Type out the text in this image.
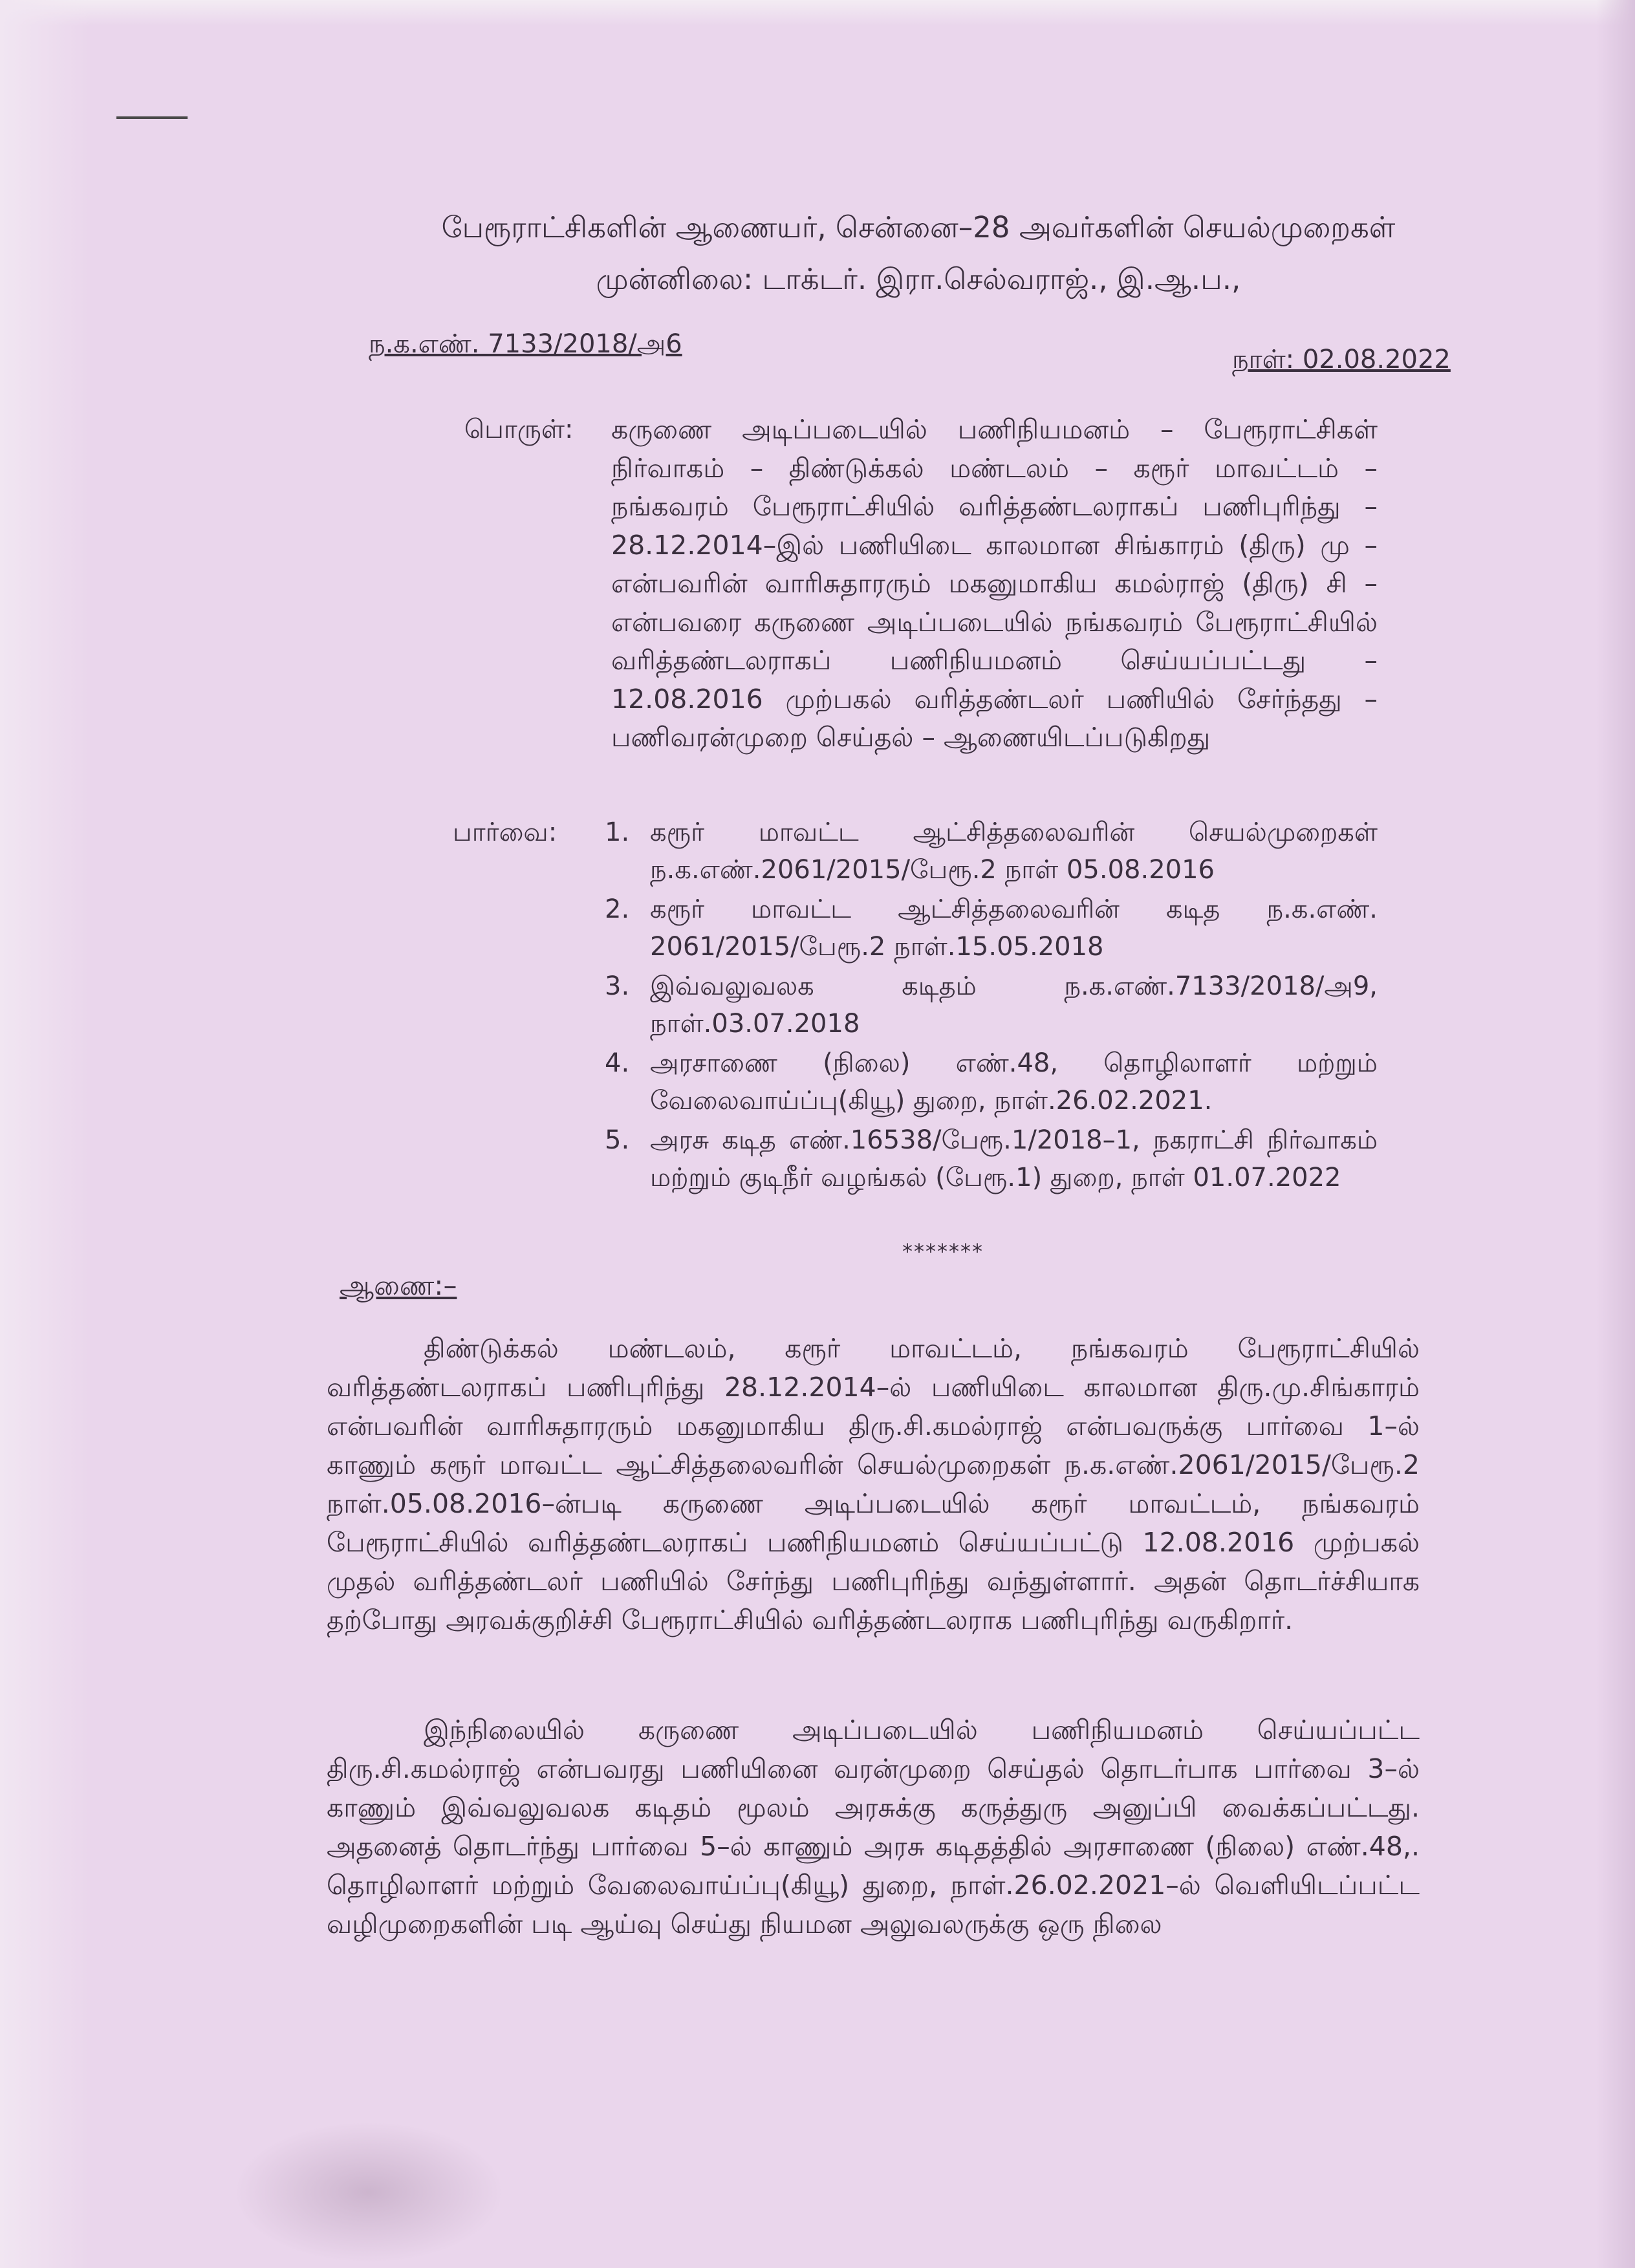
பேரூராட்சிகளின் ஆணையர், சென்னை–28 அவர்களின் செயல்முறைகள்
முன்னிலை: டாக்டர். இரா.செல்வராஜ்., இ.ஆ.ப.,
ந.க.எண். 7133/2018/அ6
நாள்: 02.08.2022
பொருள்: கருணை அடிப்படையில் பணிநியமனம் – பேரூராட்சிகள் நிர்வாகம் – திண்டுக்கல் மண்டலம் – கரூர் மாவட்டம் – நங்கவரம் பேரூராட்சியில் வரித்தண்டலராகப் பணிபுரிந்து – 28.12.2014–இல் பணியிடை காலமான சிங்காரம் (திரு) மு – என்பவரின் வாரிசுதாரரும் மகனுமாகிய கமல்ராஜ் (திரு) சி – என்பவரை கருணை அடிப்படையில் நங்கவரம் பேரூராட்சியில் வரித்தண்டலராகப் பணிநியமனம் செய்யப்பட்டது – 12.08.2016 முற்பகல் வரித்தண்டலர் பணியில் சேர்ந்தது – பணிவரன்முறை செய்தல் – ஆணையிடப்படுகிறது

பார்வை: 1. கரூர் மாவட்ட ஆட்சித்தலைவரின் செயல்முறைகள் ந.க.எண்.2061/2015/பேரூ.2 நாள் 05.08.2016
2. கரூர் மாவட்ட ஆட்சித்தலைவரின் கடித ந.க.எண். 2061/2015/பேரூ.2 நாள்.15.05.2018
3. இவ்வலுவலக கடிதம் ந.க.எண்.7133/2018/அ9, நாள்.03.07.2018
4. அரசாணை (நிலை) எண்.48, தொழிலாளர் மற்றும் வேலைவாய்ப்பு(கியூ) துறை, நாள்.26.02.2021.
5. அரசு கடித எண்.16538/பேரூ.1/2018–1, நகராட்சி நிர்வாகம் மற்றும் குடிநீர் வழங்கல் (பேரூ.1) துறை, நாள் 01.07.2022
*******
ஆணை:–

திண்டுக்கல் மண்டலம், கரூர் மாவட்டம், நங்கவரம் பேரூராட்சியில் வரித்தண்டலராகப் பணிபுரிந்து 28.12.2014–ல் பணியிடை காலமான திரு.மு.சிங்காரம் என்பவரின் வாரிசுதாரரும் மகனுமாகிய திரு.சி.கமல்ராஜ் என்பவருக்கு பார்வை 1–ல் காணும் கரூர் மாவட்ட ஆட்சித்தலைவரின் செயல்முறைகள் ந.க.எண்.2061/2015/பேரூ.2 நாள்.05.08.2016–ன்படி கருணை அடிப்படையில் கரூர் மாவட்டம், நங்கவரம் பேரூராட்சியில் வரித்தண்டலராகப் பணிநியமனம் செய்யப்பட்டு 12.08.2016 முற்பகல் முதல் வரித்தண்டலர் பணியில் சேர்ந்து பணிபுரிந்து வந்துள்ளார். அதன் தொடர்ச்சியாக தற்போது அரவக்குறிச்சி பேரூராட்சியில் வரித்தண்டலராக பணிபுரிந்து வருகிறார்.

இந்நிலையில் கருணை அடிப்படையில் பணிநியமனம் செய்யப்பட்ட திரு.சி.கமல்ராஜ் என்பவரது பணியினை வரன்முறை செய்தல் தொடர்பாக பார்வை 3–ல் காணும் இவ்வலுவலக கடிதம் மூலம் அரசுக்கு கருத்துரு அனுப்பி வைக்கப்பட்டது. அதனைத் தொடர்ந்து பார்வை 5–ல் காணும் அரசு கடிதத்தில் அரசாணை (நிலை) எண்.48,. தொழிலாளர் மற்றும் வேலைவாய்ப்பு(கியூ) துறை, நாள்.26.02.2021–ல் வெளியிடப்பட்ட வழிமுறைகளின் படி ஆய்வு செய்து நியமன அலுவலருக்கு ஒரு நிலை
